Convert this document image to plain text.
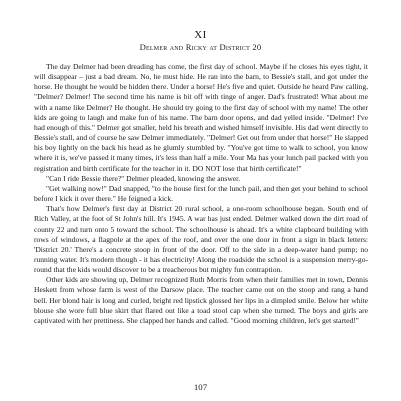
XI
Delmer and Ricky at District 20

The day Delmer had been dreading has come, the first day of school. Maybe if he closes his eyes tight, it will disappear – just a bad dream. No, he must hide. He ran into the barn, to Bessie's stall, and got under the horse. He thought he would be hidden there. Under a horse! He's five and quiet. Outside he heard Paw calling, "Delmer? Delmer! The second time his name is bit off with tinge of anger. Dad's frustrated! What about me with a name like Delmer? He thought. He should try going to the first day of school with my name! The other kids are going to laugh and make fun of his name. The barn door opens, and dad yelled inside. "Delmer! I've had enough of this." Delmer got smaller, held his breath and wished himself invisible. His dad went directly to Bessie's stall, and of course he saw Delmer immediately. "Delmer! Get out from under that horse!" He slapped his boy lightly on the back his head as he glumly stumbled by. "You've got time to walk to school, you know where it is, we've passed it many times, it's less than half a mile. Your Ma has your lunch pail packed with you registration and birth certificate for the teacher in it. DO NOT lose that birth certificate!"

"Can I ride Bessie there?" Delmer pleaded, knowing the answer.

"Get walking now!" Dad snapped, "to the house first for the lunch pail, and then get your behind to school before I kick it over there." He feigned a kick.

That's how Delmer's first day at District 20 rural school, a one-room schoolhouse began. South end of Rich Valley, at the foot of St John's hill. It's 1945. A war has just ended. Delmer walked down the dirt road of county 22 and turn onto 5 toward the school. The schoolhouse is ahead. It's a white clapboard building with rows of windows, a flagpole at the apex of the roof, and over the one door in front a sign in black letters: 'District 20.' There's a concrete stoop in front of the door. Off to the side in a deep-water hand pump; no running water. It's modern though - it has electricity! Along the roadside the school is a suspension merry-go-round that the kids would discover to be a treacherous but mighty fun contraption.

Other kids are showing up, Delmer recognized Ruth Morris from when their families met in town, Dennis Heskett from whose farm is west of the Darsow place. The teacher came out on the stoop and rang a hand bell. Her blond hair is long and curled, bright red lipstick glossed her lips in a dimpled smile. Below her white blouse she wore full blue skirt that flared out like a toad stool cap when she turned. The boys and girls are captivated with her prettiness. She clapped her hands and called. "Good morning children, let's get started!"

107
